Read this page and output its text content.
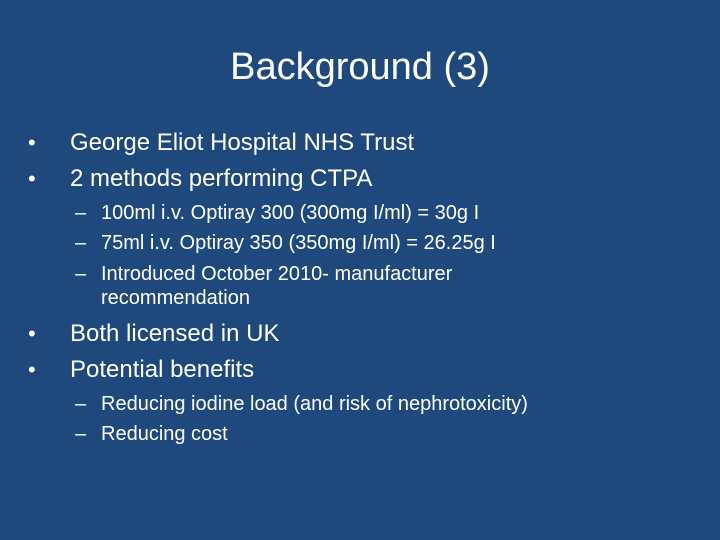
Background (3)
• George Eliot Hospital NHS Trust
• 2 methods performing CTPA
– 100ml i.v. Optiray 300 (300mg I/ml) = 30g I
– 75ml i.v. Optiray 350 (350mg I/ml) = 26.25g I
– Introduced October 2010- manufacturer recommendation
• Both licensed in UK
• Potential benefits
– Reducing iodine load (and risk of nephrotoxicity)
– Reducing cost
